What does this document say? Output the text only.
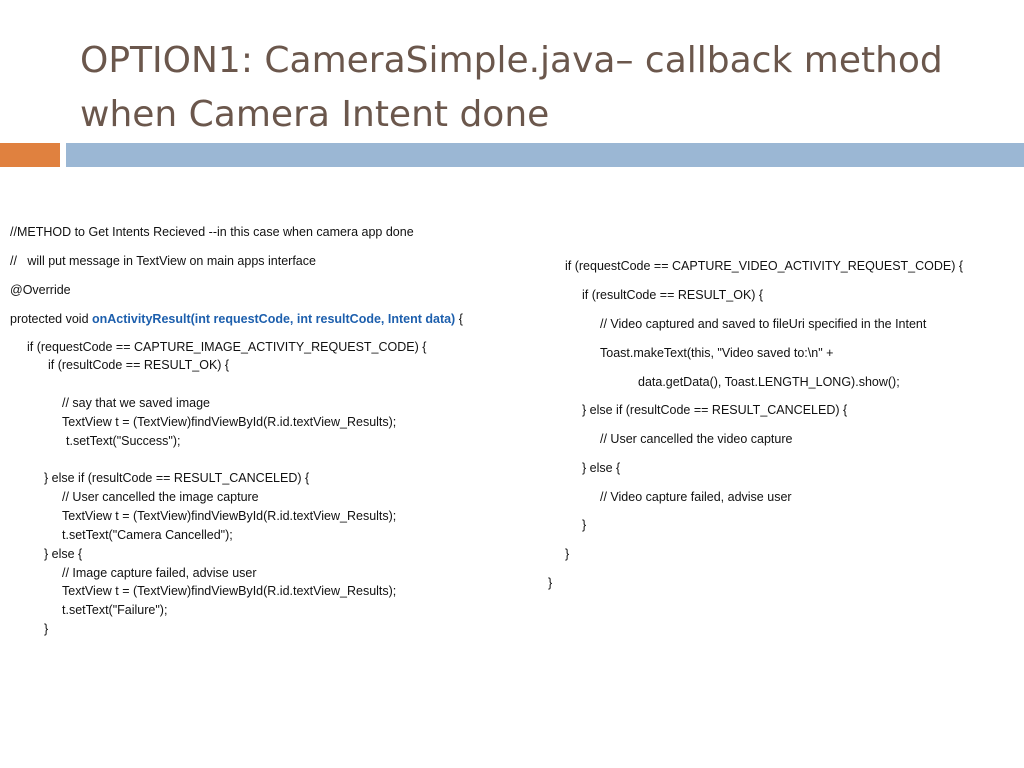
OPTION1: CameraSimple.java– callback method
when Camera Intent done
//METHOD to Get Intents Recieved --in this case when camera app done
//   will put message in TextView on main apps interface
@Override
protected void onActivityResult(int requestCode, int resultCode, Intent data) {
if (requestCode == CAPTURE_IMAGE_ACTIVITY_REQUEST_CODE) {
if (resultCode == RESULT_OK) {
// say that we saved image
TextView t = (TextView)findViewById(R.id.textView_Results);
t.setText("Success");
} else if (resultCode == RESULT_CANCELED) {
// User cancelled the image capture
TextView t = (TextView)findViewById(R.id.textView_Results);
t.setText("Camera Cancelled");
} else {
// Image capture failed, advise user
TextView t = (TextView)findViewById(R.id.textView_Results);
t.setText("Failure");
}
if (requestCode == CAPTURE_VIDEO_ACTIVITY_REQUEST_CODE) {
if (resultCode == RESULT_OK) {
// Video captured and saved to fileUri specified in the Intent
Toast.makeText(this, "Video saved to:\n" +
data.getData(), Toast.LENGTH_LONG).show();
} else if (resultCode == RESULT_CANCELED) {
// User cancelled the video capture
} else {
// Video capture failed, advise user
}
}
}
